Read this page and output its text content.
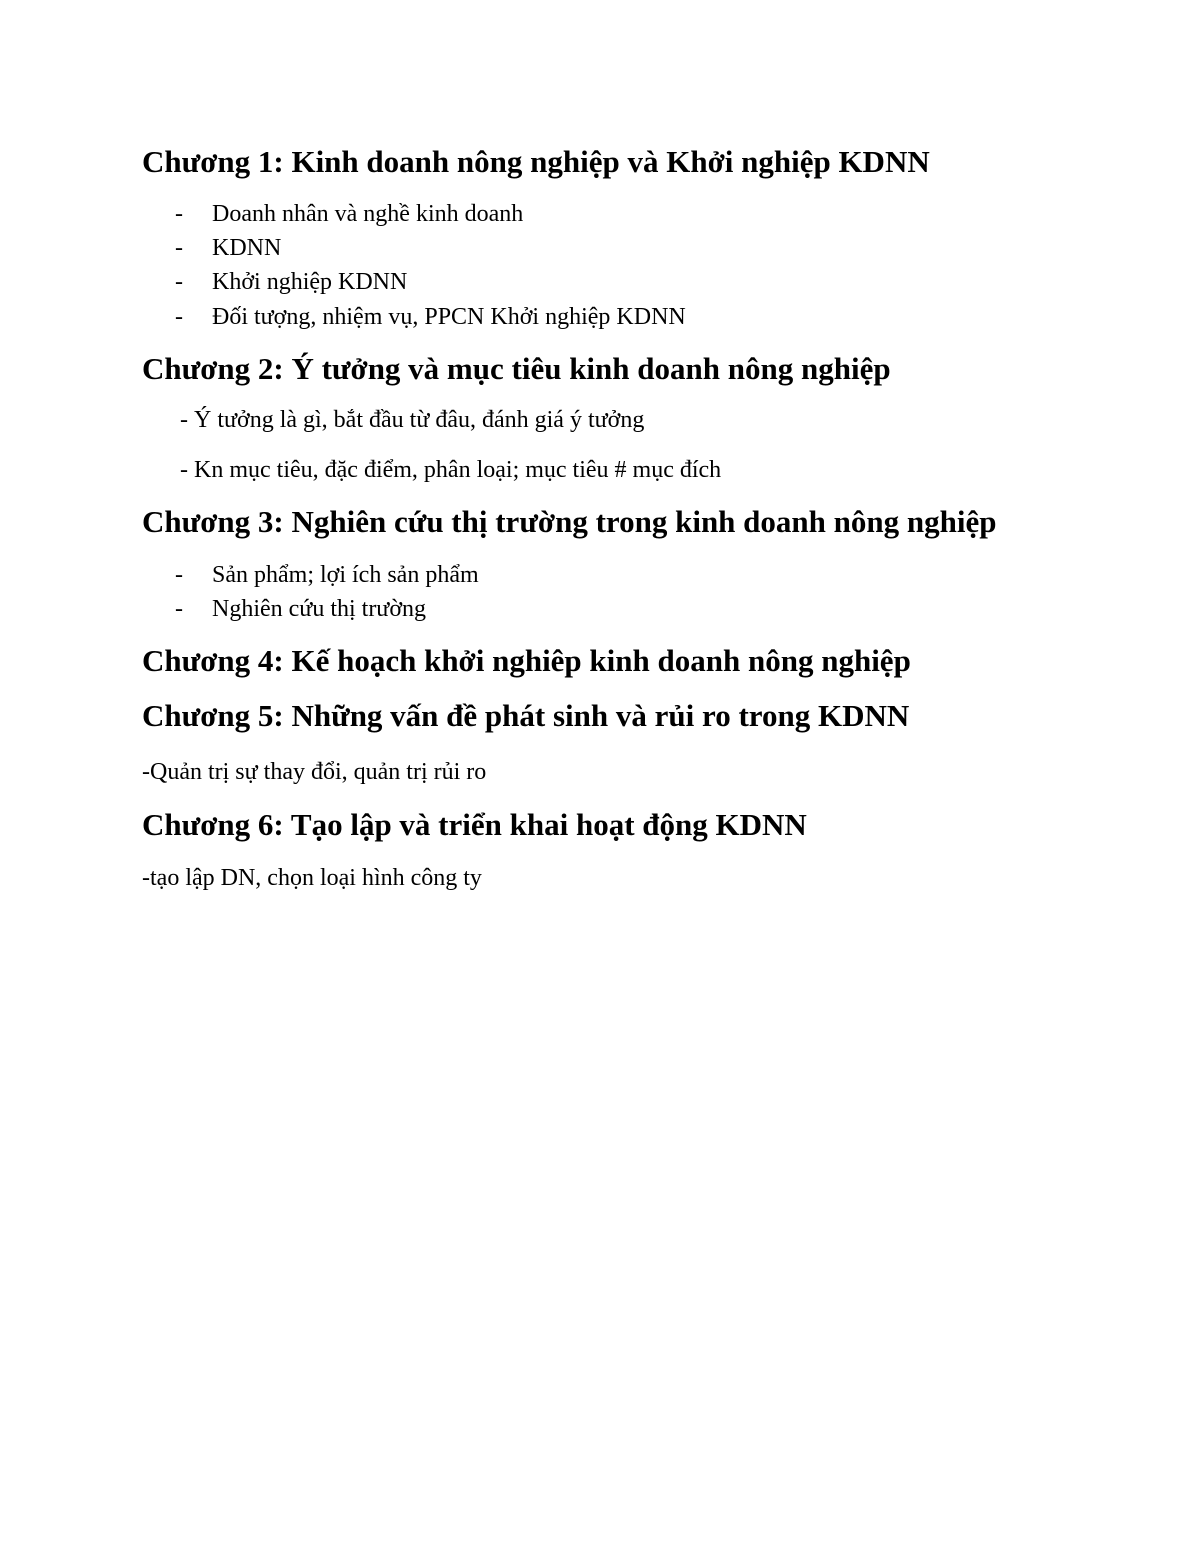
Chương 1: Kinh doanh nông nghiệp và Khởi nghiệp KDNN
- Doanh nhân và nghề kinh doanh
- KDNN
- Khởi nghiệp KDNN
- Đối tượng, nhiệm vụ, PPCN Khởi nghiệp KDNN
Chương 2: Ý tưởng và mục tiêu kinh doanh nông nghiệp
- Ý tưởng là gì, bắt đầu từ đâu, đánh giá ý tưởng
- Kn mục tiêu, đặc điểm, phân loại; mục tiêu # mục đích
Chương 3: Nghiên cứu thị trường trong kinh doanh nông nghiệp
- Sản phẩm; lợi ích sản phẩm
- Nghiên cứu thị trường
Chương 4: Kế hoạch khởi nghiêp kinh doanh nông nghiệp
Chương 5: Những vấn đề phát sinh và rủi ro trong KDNN
-Quản trị sự thay đổi, quản trị rủi ro
Chương 6: Tạo lập và triển khai hoạt động KDNN
-tạo lập DN, chọn loại hình công ty
